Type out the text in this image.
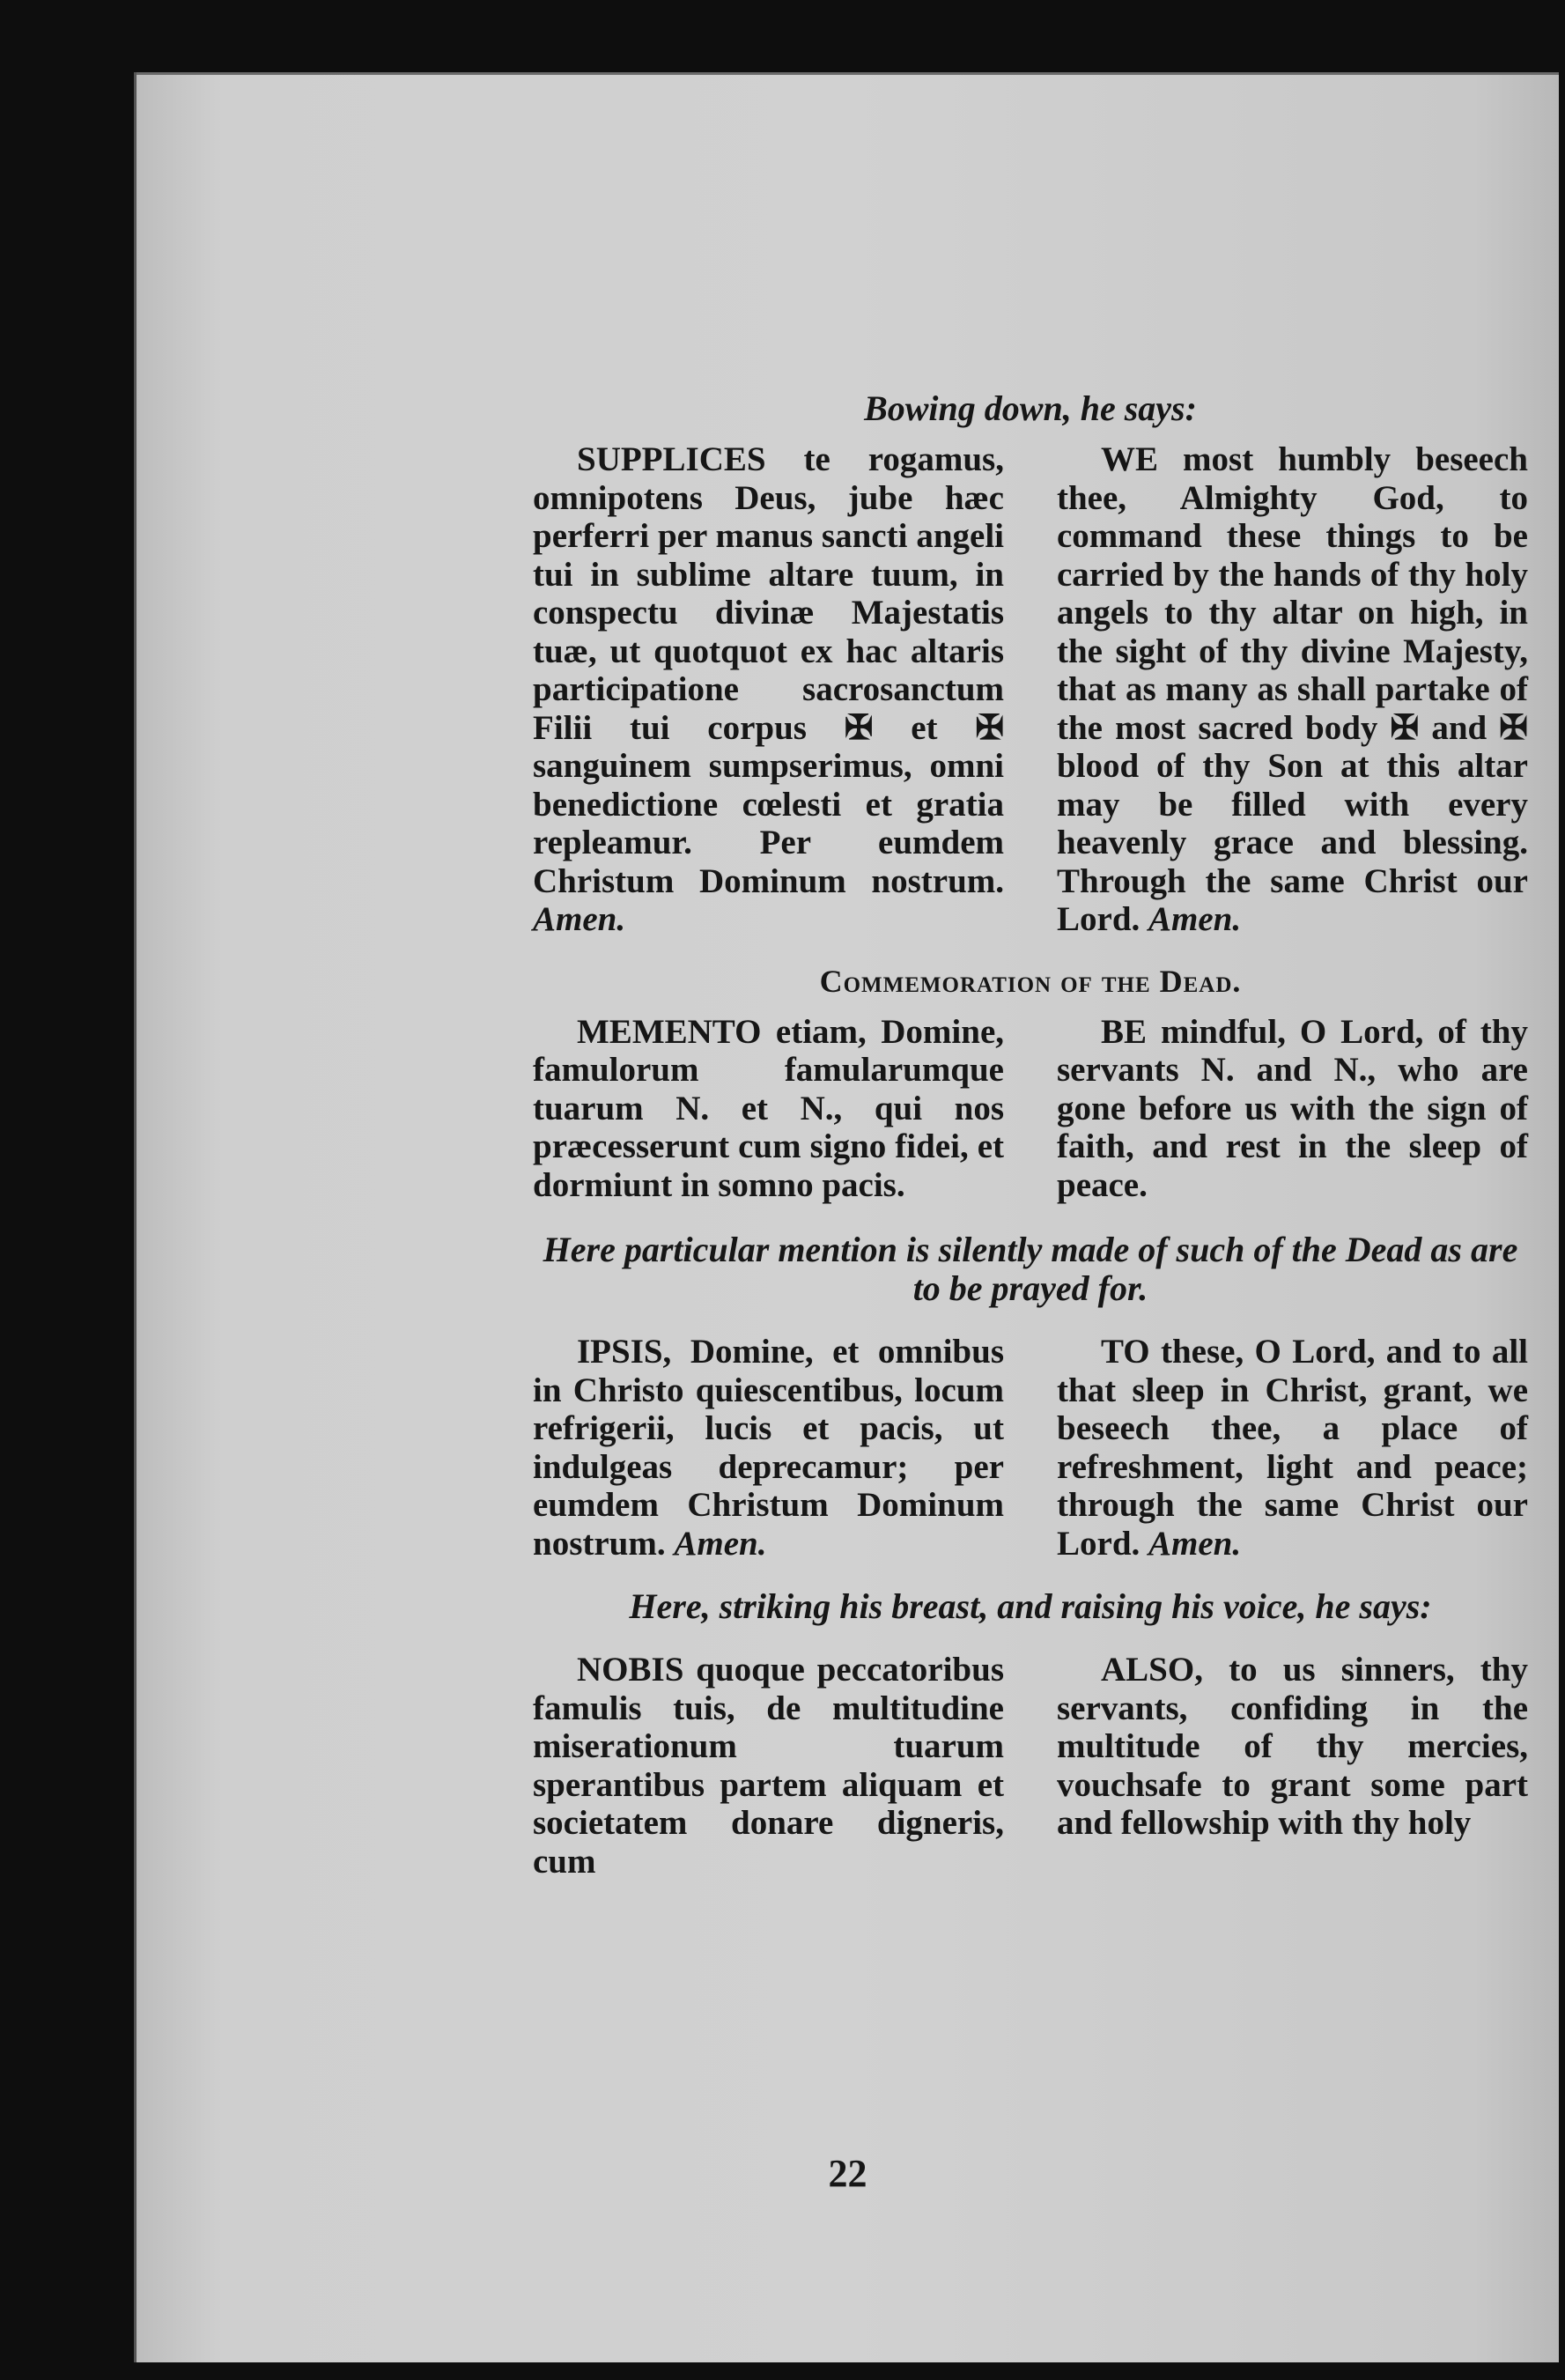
Bowing down, he says:

SUPPLICES te rogamus, omnipotens Deus, jube hæc perferri per manus sancti angeli tui in sublime altare tuum, in conspectu divinæ Majestatis tuæ, ut quotquot ex hac altaris participatione sacrosanctum Filii tui corpus ✠ et ✠ sanguinem sumpserimus, omni benedictione cœlesti et gratia repleamur. Per eumdem Christum Dominum nostrum. Amen.

WE most humbly beseech thee, Almighty God, to command these things to be carried by the hands of thy holy angels to thy altar on high, in the sight of thy divine Majesty, that as many as shall partake of the most sacred body ✠ and ✠ blood of thy Son at this altar may be filled with every heavenly grace and blessing. Through the same Christ our Lord. Amen.

Commemoration of the Dead.

MEMENTO etiam, Domine, famulorum famularumque tuarum N. et N., qui nos præcesserunt cum signo fidei, et dormiunt in somno pacis.

BE mindful, O Lord, of thy servants N. and N., who are gone before us with the sign of faith, and rest in the sleep of peace.

Here particular mention is silently made of such of the Dead as are to be prayed for.

IPSIS, Domine, et omnibus in Christo quiescentibus, locum refrigerii, lucis et pacis, ut indulgeas deprecamur; per eumdem Christum Dominum nostrum. Amen.

TO these, O Lord, and to all that sleep in Christ, grant, we beseech thee, a place of refreshment, light and peace; through the same Christ our Lord. Amen.

Here, striking his breast, and raising his voice, he says:

NOBIS quoque peccatoribus famulis tuis, de multitudine miserationum tuarum sperantibus partem aliquam et societatem donare digneris, cum

ALSO, to us sinners, thy servants, confiding in the multitude of thy mercies, vouchsafe to grant some part and fellowship with thy holy

22
